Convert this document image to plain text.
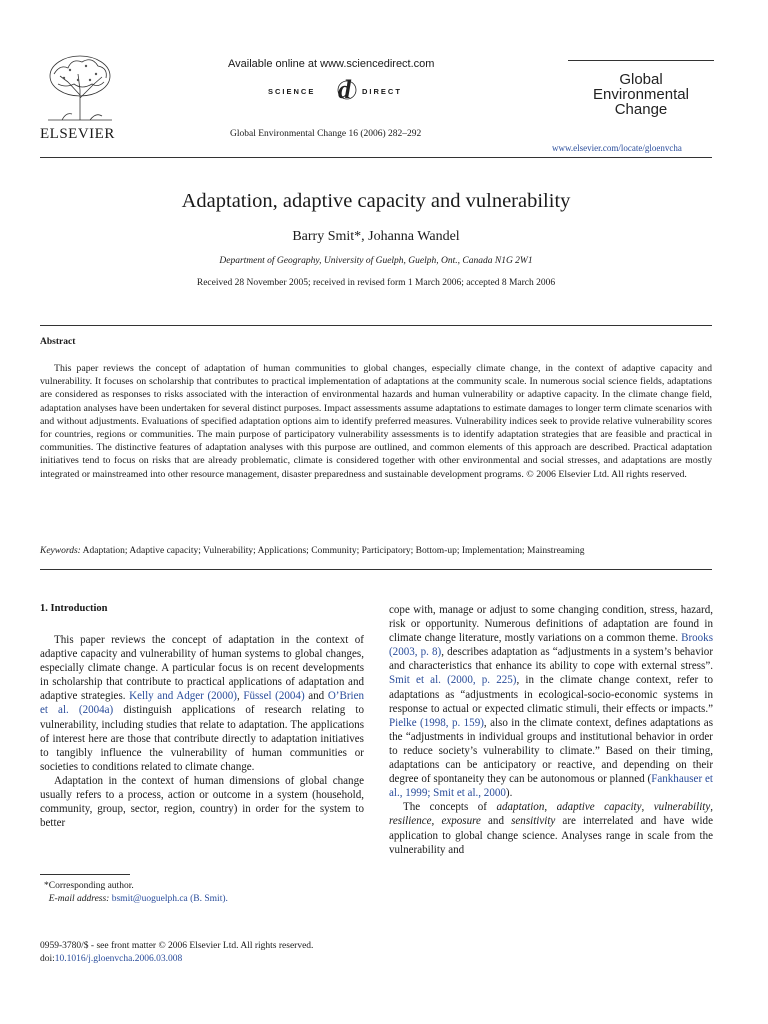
ELSEVIER
Available online at www.sciencedirect.com
SCIENCE d DIRECT
Global Environmental Change 16 (2006) 282–292
Global
Environmental
Change
www.elsevier.com/locate/gloenvcha
Adaptation, adaptive capacity and vulnerability
Barry Smit*, Johanna Wandel
Department of Geography, University of Guelph, Guelph, Ont., Canada N1G 2W1
Received 28 November 2005; received in revised form 1 March 2006; accepted 8 March 2006
Abstract
This paper reviews the concept of adaptation of human communities to global changes, especially climate change, in the context of adaptive capacity and vulnerability. It focuses on scholarship that contributes to practical implementation of adaptations at the community scale. In numerous social science fields, adaptations are considered as responses to risks associated with the interaction of environmental hazards and human vulnerability or adaptive capacity. In the climate change field, adaptation analyses have been undertaken for several distinct purposes. Impact assessments assume adaptations to estimate damages to longer term climate scenarios with and without adjustments. Evaluations of specified adaptation options aim to identify preferred measures. Vulnerability indices seek to provide relative vulnerability scores for countries, regions or communities. The main purpose of participatory vulnerability assessments is to identify adaptation strategies that are feasible and practical in communities. The distinctive features of adaptation analyses with this purpose are outlined, and common elements of this approach are described. Practical adaptation initiatives tend to focus on risks that are already problematic, climate is considered together with other environmental and social stresses, and adaptations are mostly integrated or mainstreamed into other resource management, disaster preparedness and sustainable development programs. © 2006 Elsevier Ltd. All rights reserved.
Keywords: Adaptation; Adaptive capacity; Vulnerability; Applications; Community; Participatory; Bottom-up; Implementation; Mainstreaming
1. Introduction

This paper reviews the concept of adaptation in the context of adaptive capacity and vulnerability of human systems to global changes, especially climate change. A particular focus is on recent developments in scholarship that contribute to practical applications of adaptation and adaptive strategies. Kelly and Adger (2000), Füssel (2004) and O’Brien et al. (2004a) distinguish applications of research relating to vulnerability, including studies that relate to adaptation. The applications of interest here are those that contribute directly to adaptation initiatives to tangibly influence the vulnerability of human communities or societies to conditions related to climate change.

Adaptation in the context of human dimensions of global change usually refers to a process, action or outcome in a system (household, community, group, sector, region, country) in order for the system to better

cope with, manage or adjust to some changing condition, stress, hazard, risk or opportunity. Numerous definitions of adaptation are found in climate change literature, mostly variations on a common theme. Brooks (2003, p. 8), describes adaptation as “adjustments in a system’s behavior and characteristics that enhance its ability to cope with external stress”. Smit et al. (2000, p. 225), in the climate change context, refer to adaptations as “adjustments in ecological-socio-economic systems in response to actual or expected climatic stimuli, their effects or impacts.” Pielke (1998, p. 159), also in the climate context, defines adaptations as the “adjustments in individual groups and institutional behavior in order to reduce society’s vulnerability to climate.” Based on their timing, adaptations can be anticipatory or reactive, and depending on their degree of spontaneity they can be autonomous or planned (Fankhauser et al., 1999; Smit et al., 2000).

The concepts of adaptation, adaptive capacity, vulnerability, resilience, exposure and sensitivity are interrelated and have wide application to global change science. Analyses range in scale from the vulnerability and

*Corresponding author.
E-mail address: bsmit@uoguelph.ca (B. Smit).
0959-3780/$ - see front matter © 2006 Elsevier Ltd. All rights reserved.
doi:10.1016/j.gloenvcha.2006.03.008
